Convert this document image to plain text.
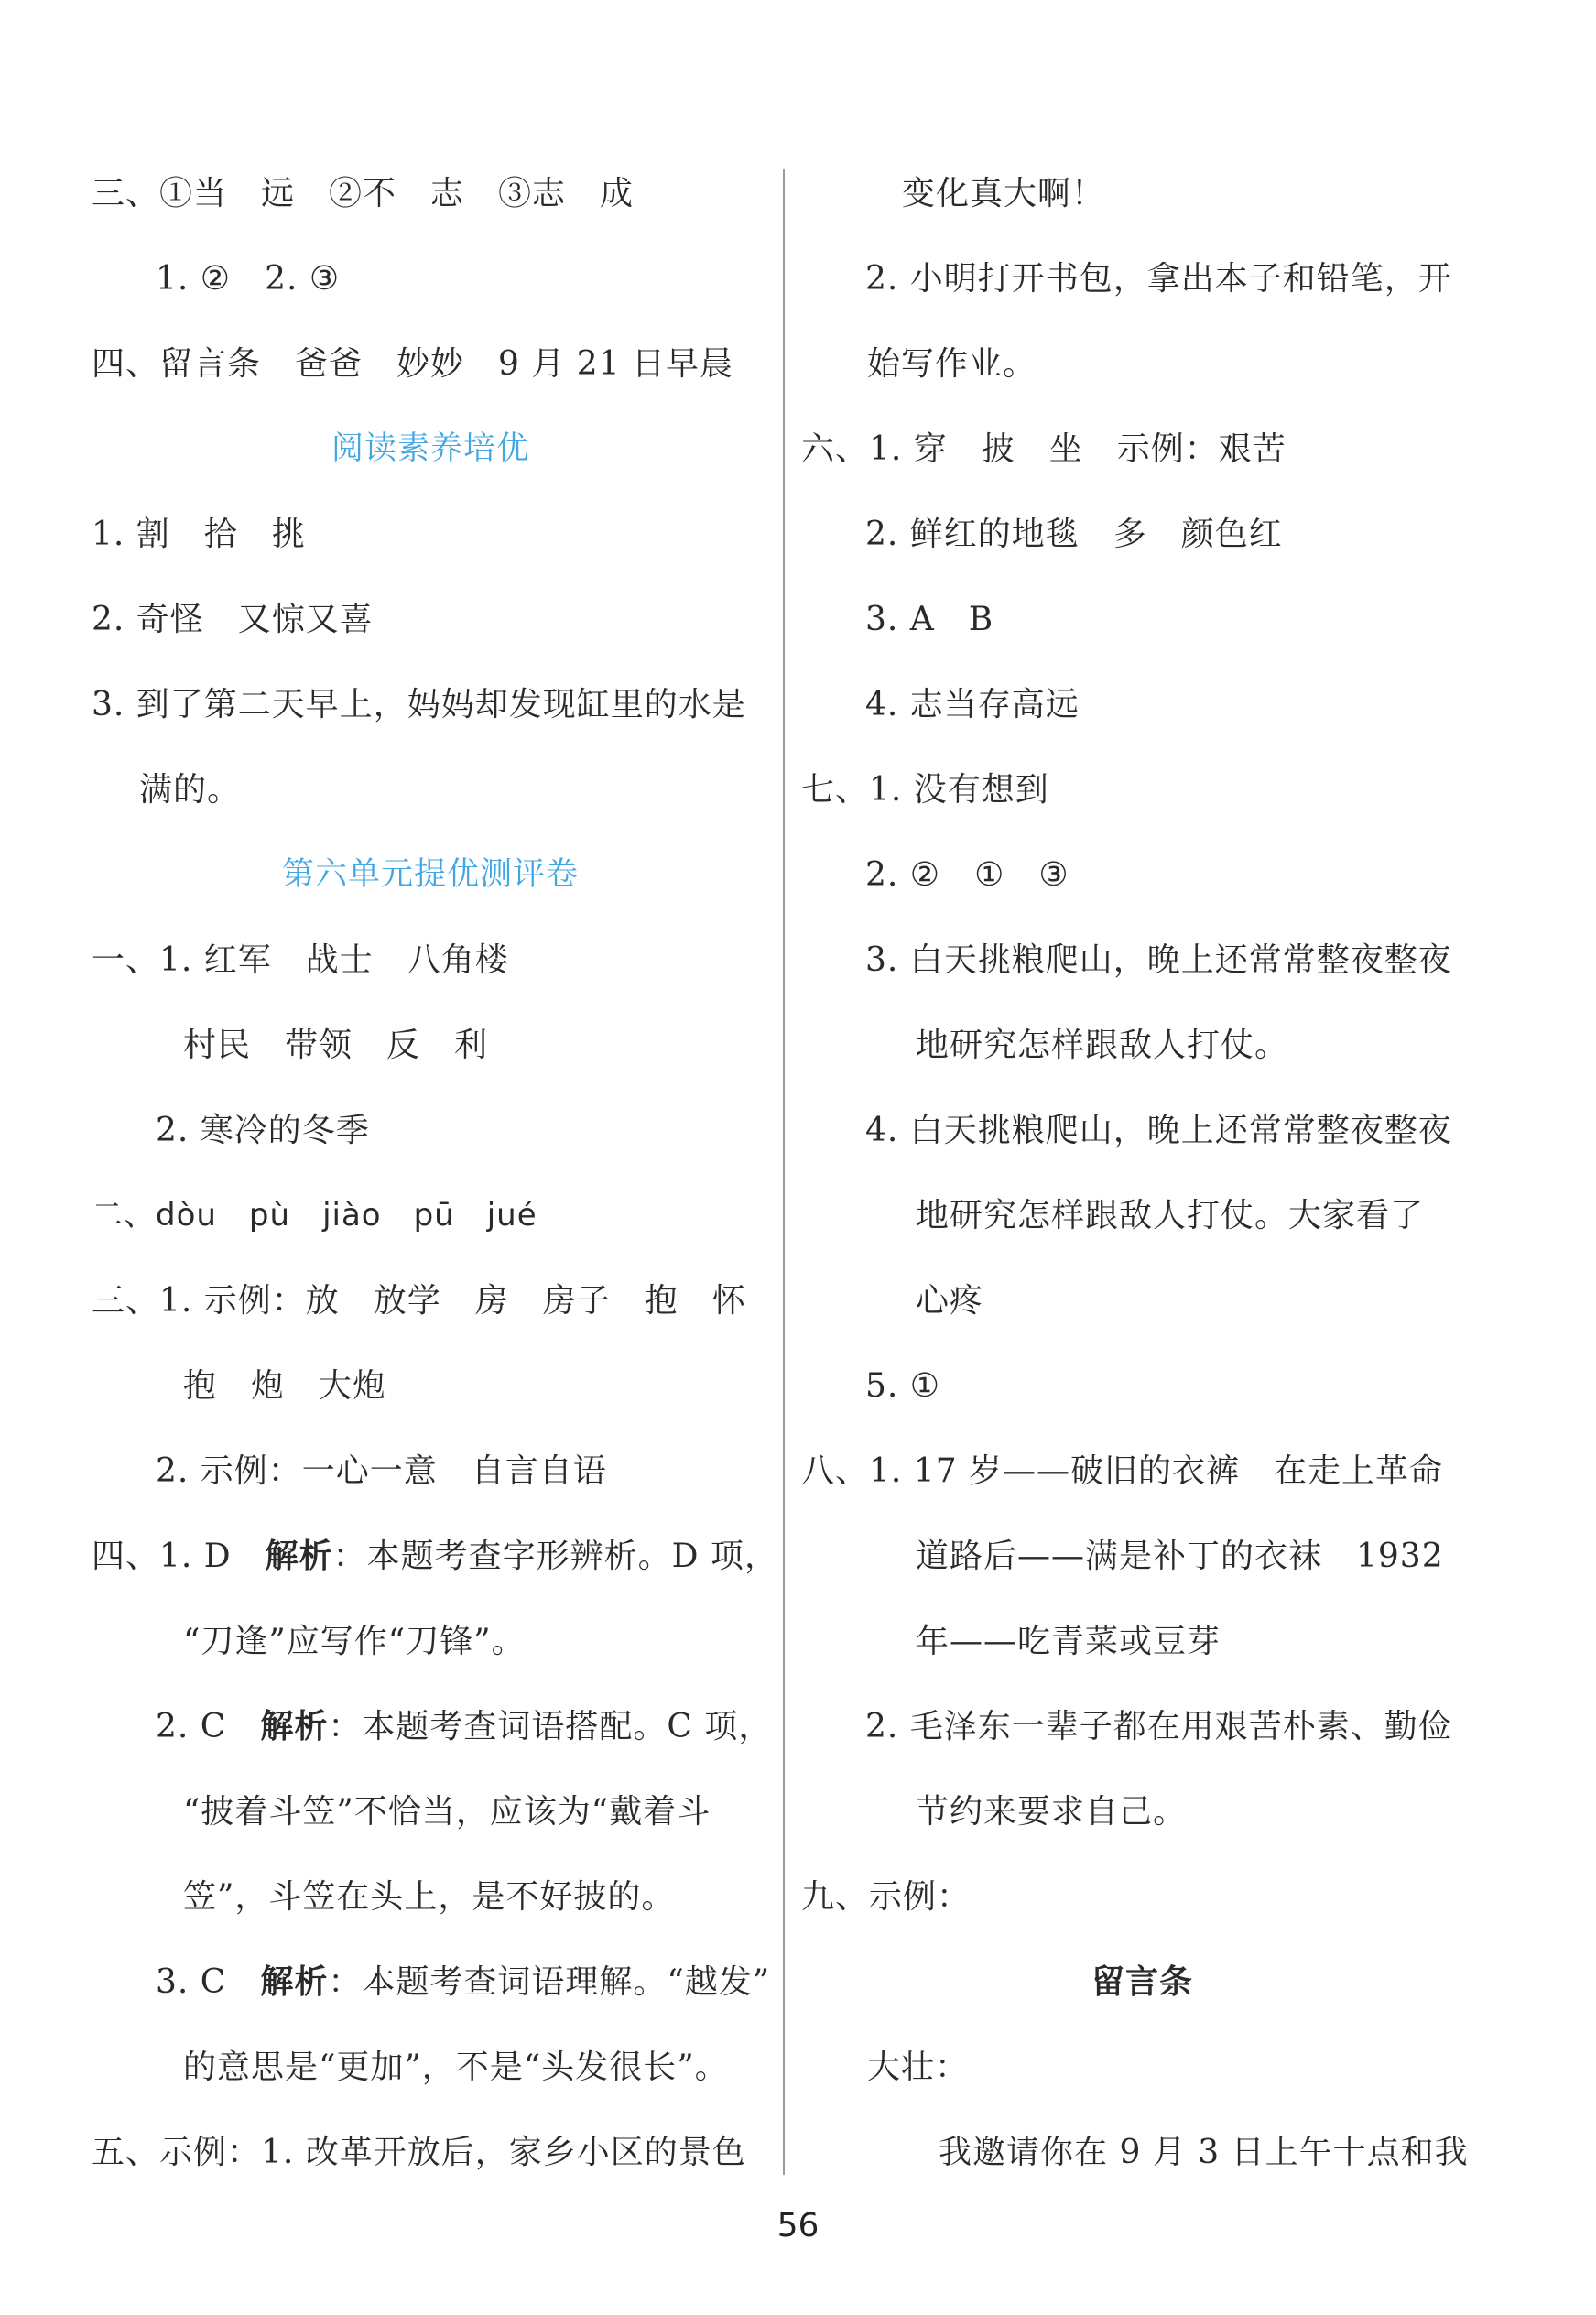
三、①当　远　②不　志　③志　成
1. ②　2. ③
四、留言条　爸爸　妙妙　9 月 21 日早晨
阅读素养培优
1. 割　拾　挑
2. 奇怪　又惊又喜
3. 到了第二天早上，妈妈却发现缸里的水是
满的。
第六单元提优测评卷
一、1. 红军　战士　八角楼
村民　带领　反　利
2. 寒冷的冬季
二、dòu　pù　jiào　pū　jué
三、1. 示例：放　放学　房　房子　抱　怀
抱　炮　大炮
2. 示例：一心一意　自言自语
四、1. D　解析：本题考查字形辨析。D 项，
“刀逢”应写作“刀锋”。
2. C　解析：本题考查词语搭配。C 项，
“披着斗笠”不恰当，应该为“戴着斗
笠”，斗笠在头上，是不好披的。
3. C　解析：本题考查词语理解。“越发”
的意思是“更加”，不是“头发很长”。
五、示例：1. 改革开放后，家乡小区的景色
变化真大啊！
2. 小明打开书包，拿出本子和铅笔，开
始写作业。
六、1. 穿　披　坐　示例：艰苦
2. 鲜红的地毯　多　颜色红
3. A　B
4. 志当存高远
七、1. 没有想到
2. ②　①　③
3. 白天挑粮爬山，晚上还常常整夜整夜
地研究怎样跟敌人打仗。
4. 白天挑粮爬山，晚上还常常整夜整夜
地研究怎样跟敌人打仗。大家看了
心疼
5. ①
八、1. 17 岁——破旧的衣裤　在走上革命
道路后——满是补丁的衣袜　1932
年——吃青菜或豆芽
2. 毛泽东一辈子都在用艰苦朴素、勤俭
节约来要求自己。
九、示例：
留言条
大壮：
我邀请你在 9 月 3 日上午十点和我
56
